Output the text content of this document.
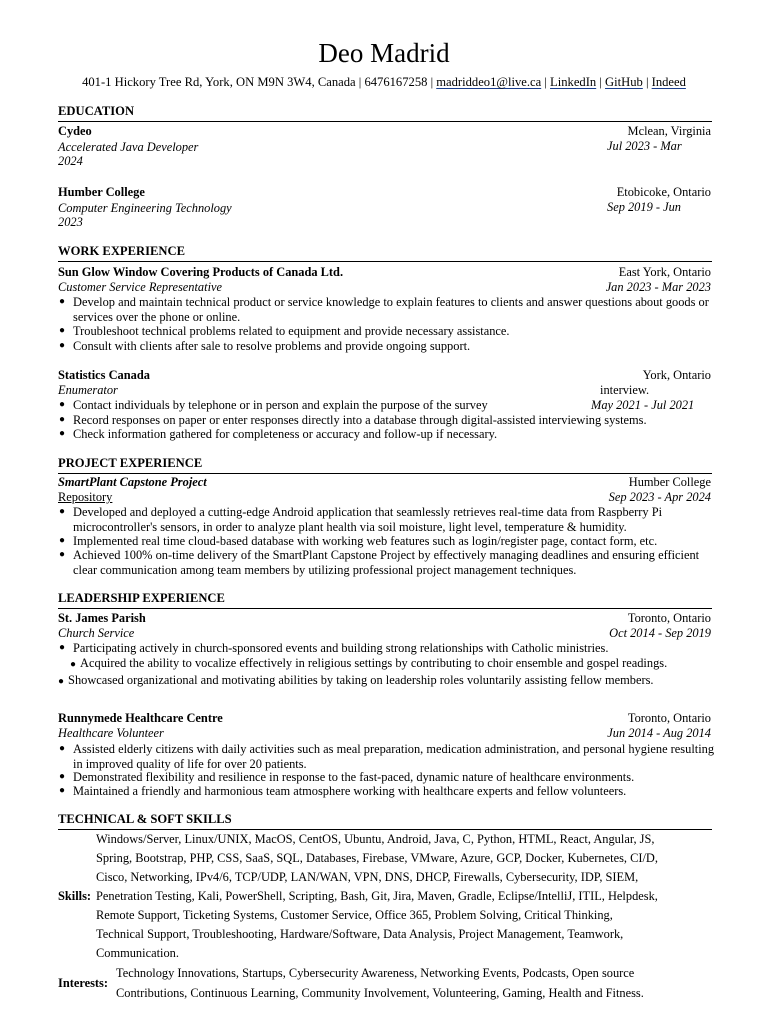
Deo Madrid
401-1 Hickory Tree Rd, York, ON M9N 3W4, Canada | 6476167258 | madriddeo1@live.ca | LinkedIn | GitHub | Indeed
EDUCATION
Cydeo	Mclean, Virginia
Accelerated Java Developer	Jul 2023 - Mar
2024
Humber College	Etobicoke, Ontario
Computer Engineering Technology	Sep 2019 - Jun
2023
WORK EXPERIENCE
Sun Glow Window Covering Products of Canada Ltd.	East York, Ontario
Customer Service Representative	Jan 2023 - Mar 2023
● Develop and maintain technical product or service knowledge to explain features to clients and answer questions about goods or services over the phone or online.
● Troubleshoot technical problems related to equipment and provide necessary assistance.
● Consult with clients after sale to resolve problems and provide ongoing support.
Statistics Canada	York, Ontario
Enumerator	interview.
● Contact individuals by telephone or in person and explain the purpose of the survey	May 2021 - Jul 2021
● Record responses on paper or enter responses directly into a database through digital-assisted interviewing systems.
● Check information gathered for completeness or accuracy and follow-up if necessary.
PROJECT EXPERIENCE
SmartPlant Capstone Project	Humber College
Repository	Sep 2023 - Apr 2024
● Developed and deployed a cutting-edge Android application that seamlessly retrieves real-time data from Raspberry Pi microcontroller's sensors, in order to analyze plant health via soil moisture, light level, temperature & humidity.
● Implemented real time cloud-based database with working web features such as login/register page, contact form, etc.
● Achieved 100% on-time delivery of the SmartPlant Capstone Project by effectively managing deadlines and ensuring efficient clear communication among team members by utilizing professional project management techniques.
LEADERSHIP EXPERIENCE
St. James Parish	Toronto, Ontario
Church Service	Oct 2014 - Sep 2019
● Participating actively in church-sponsored events and building strong relationships with Catholic ministries.
● Acquired the ability to vocalize effectively in religious settings by contributing to choir ensemble and gospel readings. ● Showcased organizational and motivating abilities by taking on leadership roles voluntarily assisting fellow members.
Runnymede Healthcare Centre	Toronto, Ontario
Healthcare Volunteer	Jun 2014 - Aug 2014
● Assisted elderly citizens with daily activities such as meal preparation, medication administration, and personal hygiene resulting in improved quality of life for over 20 patients.
● Demonstrated flexibility and resilience in response to the fast-paced, dynamic nature of healthcare environments.
● Maintained a friendly and harmonious team atmosphere working with healthcare experts and fellow volunteers.
TECHNICAL & SOFT SKILLS
Windows/Server, Linux/UNIX, MacOS, CentOS, Ubuntu, Android, Java, C, Python, HTML, React, Angular, JS,
Spring, Bootstrap, PHP, CSS, SaaS, SQL, Databases, Firebase, VMware, Azure, GCP, Docker, Kubernetes, CI/D,
Cisco, Networking, IPv4/6, TCP/UDP, LAN/WAN, VPN, DNS, DHCP, Firewalls, Cybersecurity, IDP, SIEM,
Skills: Penetration Testing, Kali, PowerShell, Scripting, Bash, Git, Jira, Maven, Gradle, Eclipse/IntelliJ, ITIL, Helpdesk,
Remote Support, Ticketing Systems, Customer Service, Office 365, Problem Solving, Critical Thinking,
Technical Support, Troubleshooting, Hardware/Software, Data Analysis, Project Management, Teamwork,
Communication.
Technology Innovations, Startups, Cybersecurity Awareness, Networking Events, Podcasts, Open source
Interests:
Contributions, Continuous Learning, Community Involvement, Volunteering, Gaming, Health and Fitness.
